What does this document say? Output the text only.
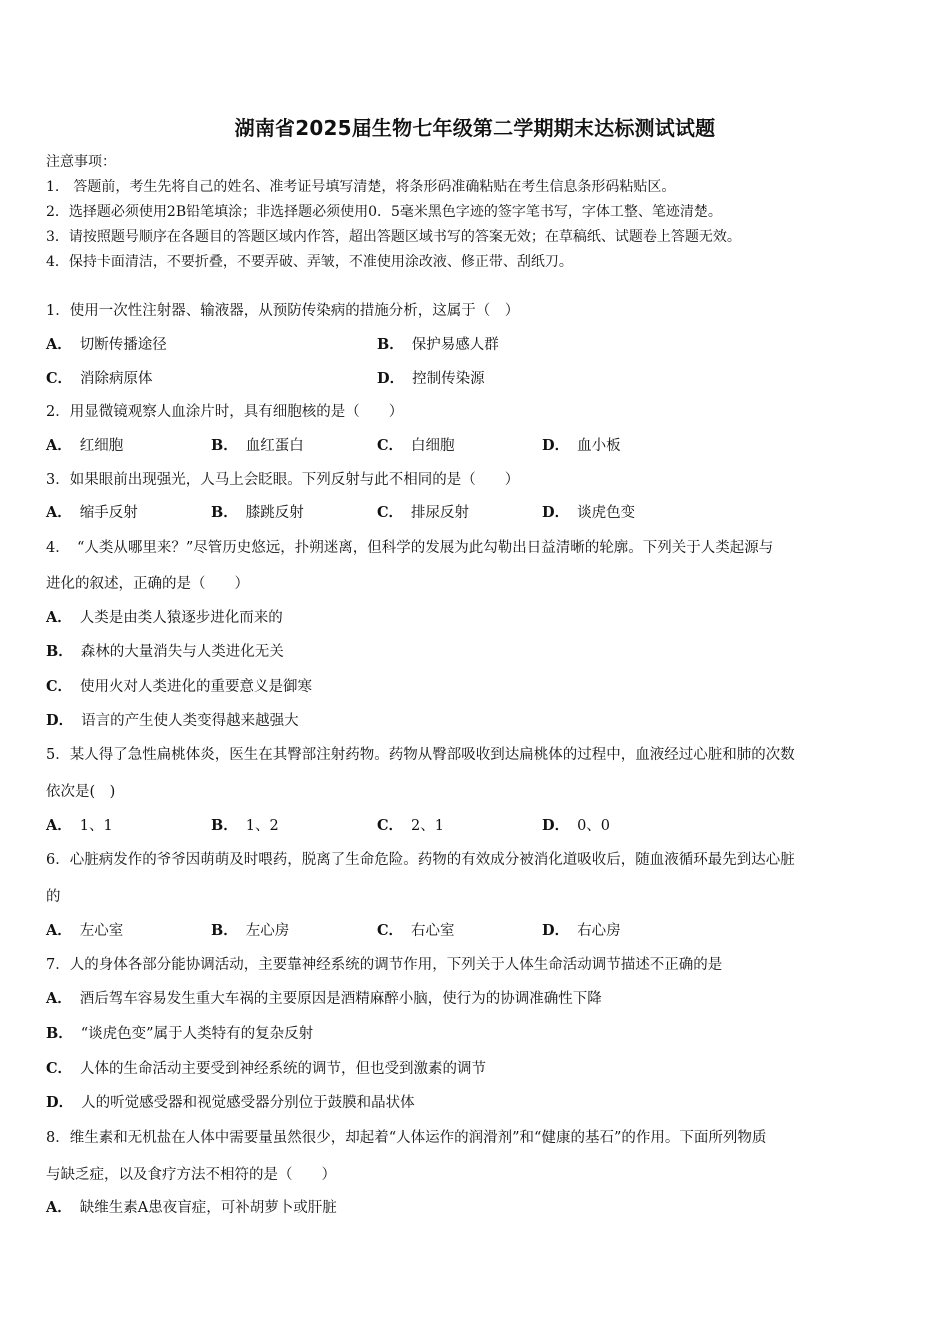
湖南省2025届生物七年级第二学期期末达标测试试题
注意事项：
1.　答题前，考生先将自己的姓名、准考证号填写清楚，将条形码准确粘贴在考生信息条形码粘贴区。
2．选择题必须使用2B铅笔填涂；非选择题必须使用0．5毫米黑色字迹的签字笔书写，字体工整、笔迹清楚。
3．请按照题号顺序在各题目的答题区域内作答，超出答题区域书写的答案无效；在草稿纸、试题卷上答题无效。
4．保持卡面清洁，不要折叠，不要弄破、弄皱，不准使用涂改液、修正带、刮纸刀。
1．使用一次性注射器、输液器，从预防传染病的措施分析，这属于（　）
A． 切断传播途径	B． 保护易感人群
C． 消除病原体	D． 控制传染源
2．用显微镜观察人血涂片时，具有细胞核的是（　　）
A． 红细胞	B． 血红蛋白	C． 白细胞	D． 血小板
3．如果眼前出现强光，人马上会眨眼。下列反射与此不相同的是（　　）
A． 缩手反射	B． 膝跳反射	C． 排尿反射	D． 谈虎色变
4．　“人类从哪里来？”尽管历史悠远，扑朔迷离，但科学的发展为此勾勒出日益清晰的轮廓。下列关于人类起源与
进化的叙述，正确的是（　　）
A． 人类是由类人猿逐步进化而来的
B． 森林的大量消失与人类进化无关
C． 使用火对人类进化的重要意义是御寒
D． 语言的产生使人类变得越来越强大
5．某人得了急性扁桃体炎，医生在其臀部注射药物。药物从臀部吸收到达扁桃体的过程中，血液经过心脏和肺的次数
依次是(　)
A． 1、1	B． 1、2	C． 2、1	D． 0、0
6．心脏病发作的爷爷因萌萌及时喂药，脱离了生命危险。药物的有效成分被消化道吸收后，随血液循环最先到达心脏
的
A． 左心室	B． 左心房	C． 右心室	D． 右心房
7．人的身体各部分能协调活动，主要靠神经系统的调节作用，下列关于人体生命活动调节描述不正确的是
A． 酒后驾车容易发生重大车祸的主要原因是酒精麻醉小脑，使行为的协调准确性下降
B． “谈虎色变”属于人类特有的复杂反射
C． 人体的生命活动主要受到神经系统的调节，但也受到激素的调节
D． 人的听觉感受器和视觉感受器分别位于鼓膜和晶状体
8．维生素和无机盐在人体中需要量虽然很少，却起着“人体运作的润滑剂”和“健康的基石”的作用。下面所列物质
与缺乏症，以及食疗方法不相符的是（　　）
A． 缺维生素A患夜盲症，可补胡萝卜或肝脏
